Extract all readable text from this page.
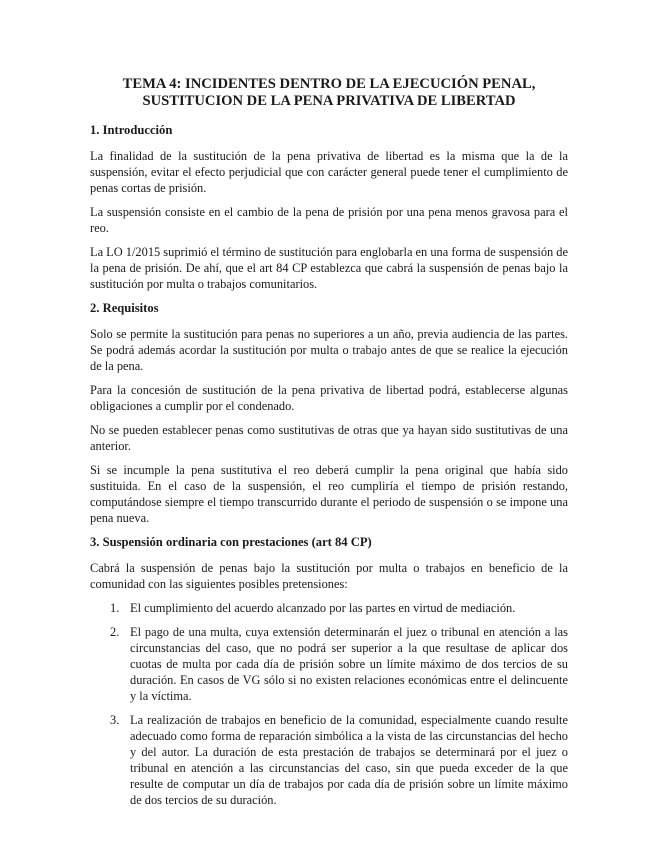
TEMA 4: INCIDENTES DENTRO DE LA EJECUCIÓN PENAL,
SUSTITUCION DE LA PENA PRIVATIVA DE LIBERTAD
1. Introducción

La finalidad de la sustitución de la pena privativa de libertad es la misma que la de la suspensión, evitar el efecto perjudicial que con carácter general puede tener el cumplimiento de penas cortas de prisión.

La suspensión consiste en el cambio de la pena de prisión por una pena menos gravosa para el reo.

La LO 1/2015 suprimió el término de sustitución para englobarla en una forma de suspensión de la pena de prisión. De ahí, que el art 84 CP establezca que cabrá la suspensión de penas bajo la sustitución por multa o trabajos comunitarios.

2. Requisitos

Solo se permite la sustitución para penas no superiores a un año, previa audiencia de las partes. Se podrá además acordar la sustitución por multa o trabajo antes de que se realice la ejecución de la pena.

Para la concesión de sustitución de la pena privativa de libertad podrá, establecerse algunas obligaciones a cumplir por el condenado.

No se pueden establecer penas como sustitutivas de otras que ya hayan sido sustitutivas de una anterior.

Si se incumple la pena sustitutiva el reo deberá cumplir la pena original que había sido sustituida. En el caso de la suspensión, el reo cumpliría el tiempo de prisión restando, computándose siempre el tiempo transcurrido durante el periodo de suspensión o se impone una pena nueva.

3. Suspensión ordinaria con prestaciones (art 84 CP)

Cabrá la suspensión de penas bajo la sustitución por multa o trabajos en beneficio de la comunidad con las siguientes posibles pretensiones:

1. El cumplimiento del acuerdo alcanzado por las partes en virtud de mediación.
2. El pago de una multa, cuya extensión determinarán el juez o tribunal en atención a las circunstancias del caso, que no podrá ser superior a la que resultase de aplicar dos cuotas de multa por cada día de prisión sobre un límite máximo de dos tercios de su duración. En casos de VG sólo si no existen relaciones económicas entre el delincuente y la víctima.
3. La realización de trabajos en beneficio de la comunidad, especialmente cuando resulte adecuado como forma de reparación simbólica a la vista de las circunstancias del hecho y del autor. La duración de esta prestación de trabajos se determinará por el juez o tribunal en atención a las circunstancias del caso, sin que pueda exceder de la que resulte de computar un día de trabajos por cada día de prisión sobre un límite máximo de dos tercios de su duración.
